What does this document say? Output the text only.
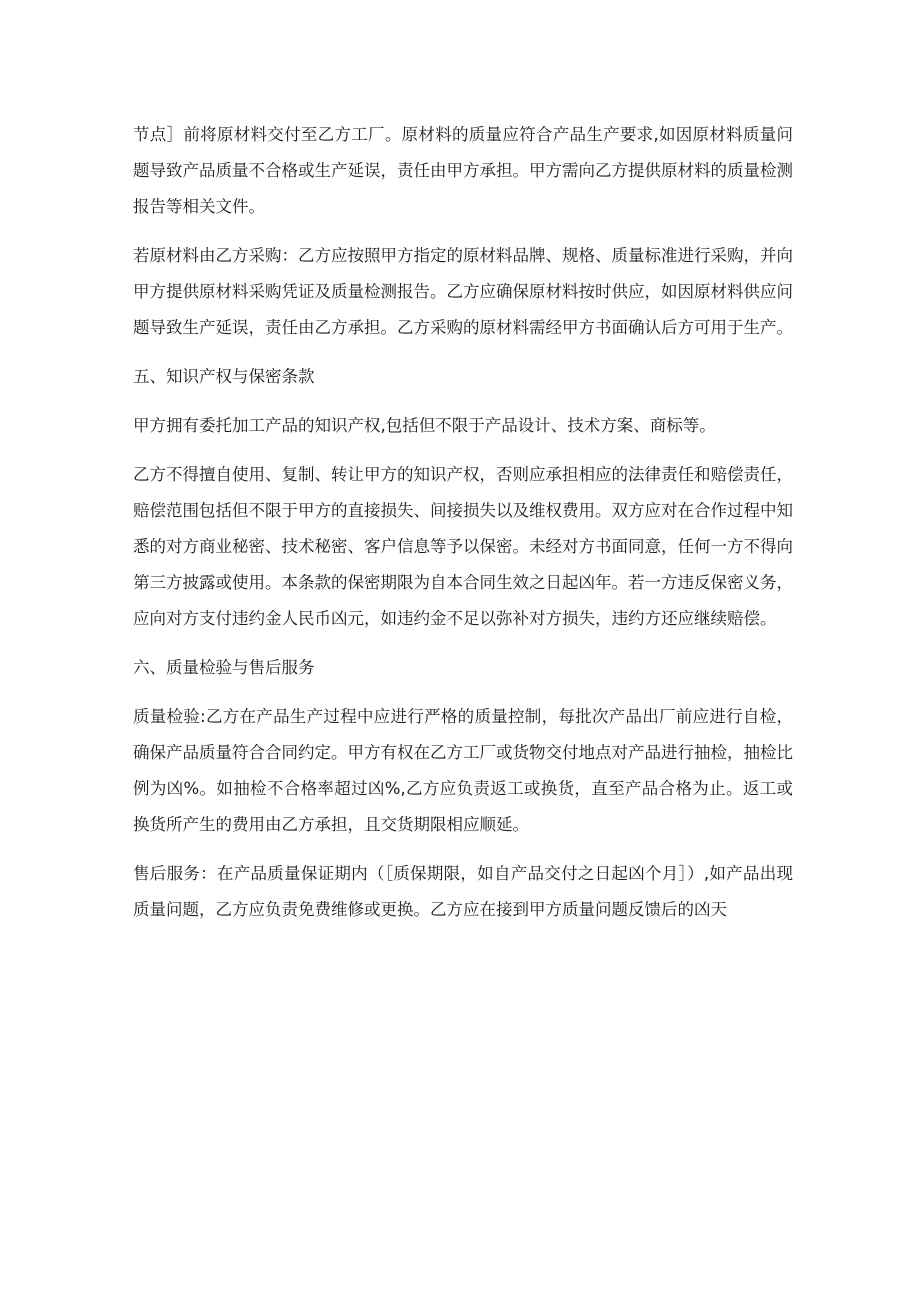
节点］前将原材料交付至乙方工厂。原材料的质量应符合产品生产要求,如因原材料质量问题导致产品质量不合格或生产延误，责任由甲方承担。甲方需向乙方提供原材料的质量检测报告等相关文件。

若原材料由乙方采购：乙方应按照甲方指定的原材料品牌、规格、质量标准进行采购，并向甲方提供原材料采购凭证及质量检测报告。乙方应确保原材料按时供应，如因原材料供应问题导致生产延误，责任由乙方承担。乙方采购的原材料需经甲方书面确认后方可用于生产。

五、知识产权与保密条款

甲方拥有委托加工产品的知识产权,包括但不限于产品设计、技术方案、商标等。

乙方不得擅自使用、复制、转让甲方的知识产权，否则应承担相应的法律责任和赔偿责任，赔偿范围包括但不限于甲方的直接损失、间接损失以及维权费用。双方应对在合作过程中知悉的对方商业秘密、技术秘密、客户信息等予以保密。未经对方书面同意，任何一方不得向第三方披露或使用。本条款的保密期限为自本合同生效之日起凶年。若一方违反保密义务，应向对方支付违约金人民币凶元，如违约金不足以弥补对方损失，违约方还应继续赔偿。

六、质量检验与售后服务

质量检验:乙方在产品生产过程中应进行严格的质量控制，每批次产品出厂前应进行自检，确保产品质量符合合同约定。甲方有权在乙方工厂或货物交付地点对产品进行抽检，抽检比例为凶%。如抽检不合格率超过凶%,乙方应负责返工或换货，直至产品合格为止。返工或换货所产生的费用由乙方承担，且交货期限相应顺延。

售后服务：在产品质量保证期内（［质保期限，如自产品交付之日起凶个月］）,如产品出现质量问题，乙方应负责免费维修或更换。乙方应在接到甲方质量问题反馈后的凶天
